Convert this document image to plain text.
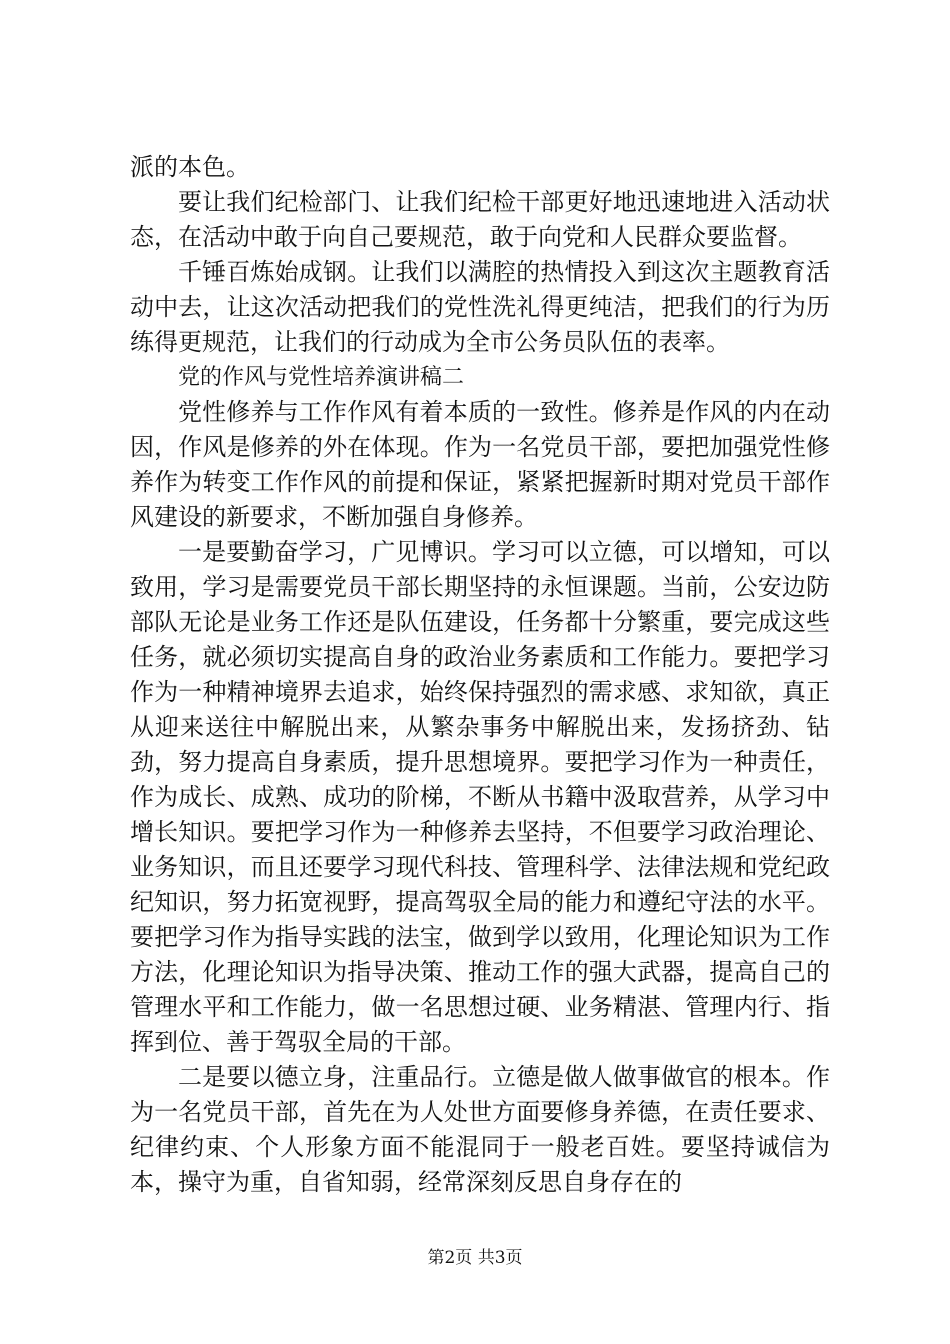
派的本色。

要让我们纪检部门、让我们纪检干部更好地迅速地进入活动状态，在活动中敢于向自己要规范，敢于向党和人民群众要监督。

千锤百炼始成钢。让我们以满腔的热情投入到这次主题教育活动中去，让这次活动把我们的党性洗礼得更纯洁，把我们的行为历练得更规范，让我们的行动成为全市公务员队伍的表率。

党的作风与党性培养演讲稿二

党性修养与工作作风有着本质的一致性。修养是作风的内在动因，作风是修养的外在体现。作为一名党员干部，要把加强党性修养作为转变工作作风的前提和保证，紧紧把握新时期对党员干部作风建设的新要求，不断加强自身修养。

一是要勤奋学习，广见博识。学习可以立德，可以增知，可以致用，学习是需要党员干部长期坚持的永恒课题。当前，公安边防部队无论是业务工作还是队伍建设，任务都十分繁重，要完成这些任务，就必须切实提高自身的政治业务素质和工作能力。要把学习作为一种精神境界去追求，始终保持强烈的需求感、求知欲，真正从迎来送往中解脱出来，从繁杂事务中解脱出来，发扬挤劲、钻劲，努力提高自身素质，提升思想境界。要把学习作为一种责任，作为成长、成熟、成功的阶梯，不断从书籍中汲取营养，从学习中增长知识。要把学习作为一种修养去坚持，不但要学习政治理论、业务知识，而且还要学习现代科技、管理科学、法律法规和党纪政纪知识，努力拓宽视野，提高驾驭全局的能力和遵纪守法的水平。要把学习作为指导实践的法宝，做到学以致用，化理论知识为工作方法，化理论知识为指导决策、推动工作的强大武器，提高自己的管理水平和工作能力，做一名思想过硬、业务精湛、管理内行、指挥到位、善于驾驭全局的干部。

二是要以德立身，注重品行。立德是做人做事做官的根本。作为一名党员干部，首先在为人处世方面要修身养德，在责任要求、纪律约束、个人形象方面不能混同于一般老百姓。要坚持诚信为本，操守为重，自省知弱，经常深刻反思自身存在的

第2页 共3页
